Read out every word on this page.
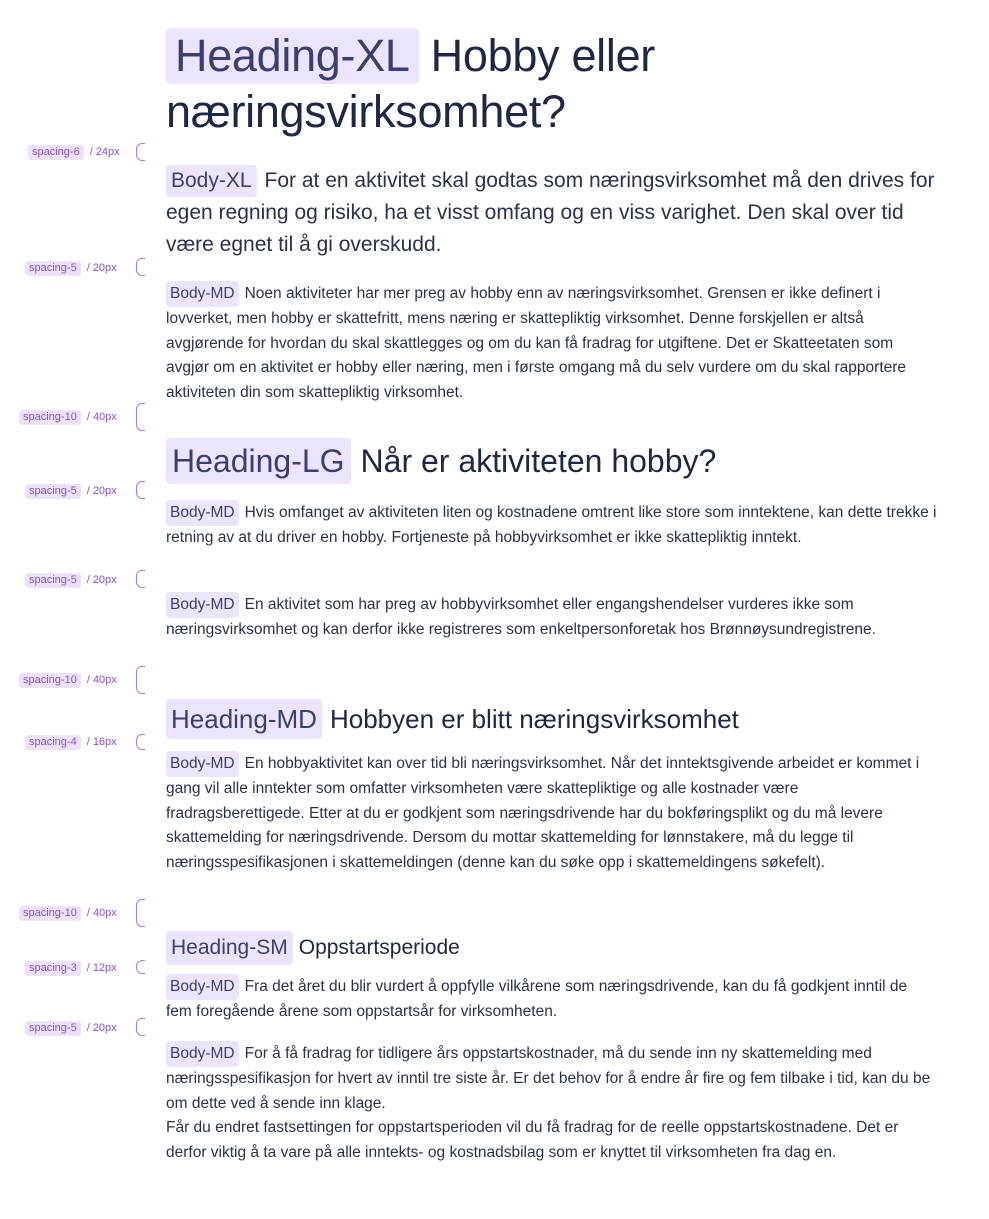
spacing-6 / 24px
spacing-5 / 20px
spacing-10 / 40px
spacing-5 / 20px
spacing-5 / 20px
spacing-10 / 40px
spacing-4 / 16px
spacing-10 / 40px
spacing-3 / 12px
spacing-5 / 20px
Heading-XL Hobby eller næringsvirksomhet?
Body-XL For at en aktivitet skal godtas som næringsvirksomhet må den drives for egen regning og risiko, ha et visst omfang og en viss varighet. Den skal over tid være egnet til å gi overskudd.
Body-MD Noen aktiviteter har mer preg av hobby enn av næringsvirksomhet. Grensen er ikke definert i lovverket, men hobby er skattefritt, mens næring er skattepliktig virksomhet. Denne forskjellen er altså avgjørende for hvordan du skal skattlegges og om du kan få fradrag for utgiftene. Det er Skatteetaten som avgjør om en aktivitet er hobby eller næring, men i første omgang må du selv vurdere om du skal rapportere aktiviteten din som skattepliktig virksomhet.
Heading-LG Når er aktiviteten hobby?
Body-MD Hvis omfanget av aktiviteten liten og kostnadene omtrent like store som inntektene, kan dette trekke i retning av at du driver en hobby. Fortjeneste på hobbyvirksomhet er ikke skattepliktig inntekt.
Body-MD En aktivitet som har preg av hobbyvirksomhet eller engangshendelser vurderes ikke som næringsvirksomhet og kan derfor ikke registreres som enkeltpersonforetak hos Brønnøysundregistrene.
Heading-MD Hobbyen er blitt næringsvirksomhet
Body-MD En hobbyaktivitet kan over tid bli næringsvirksomhet. Når det inntektsgivende arbeidet er kommet i gang vil alle inntekter som omfatter virksomheten være skattepliktige og alle kostnader være fradragsberettigede. Etter at du er godkjent som næringsdrivende har du bokføringsplikt og du må levere skattemelding for næringsdrivende. Dersom du mottar skattemelding for lønnstakere, må du legge til næringsspesifikasjonen i skattemeldingen (denne kan du søke opp i skattemeldingens søkefelt).
Heading-SM Oppstartsperiode
Body-MD Fra det året du blir vurdert å oppfylle vilkårene som næringsdrivende, kan du få godkjent inntil de fem foregående årene som oppstartsår for virksomheten.
Body-MD For å få fradrag for tidligere års oppstartskostnader, må du sende inn ny skattemelding med næringsspesifikasjon for hvert av inntil tre siste år. Er det behov for å endre år fire og fem tilbake i tid, kan du be om dette ved å sende inn klage.
Får du endret fastsettingen for oppstartsperioden vil du få fradrag for de reelle oppstartskostnadene. Det er derfor viktig å ta vare på alle inntekts- og kostnadsbilag som er knyttet til virksomheten fra dag en.
